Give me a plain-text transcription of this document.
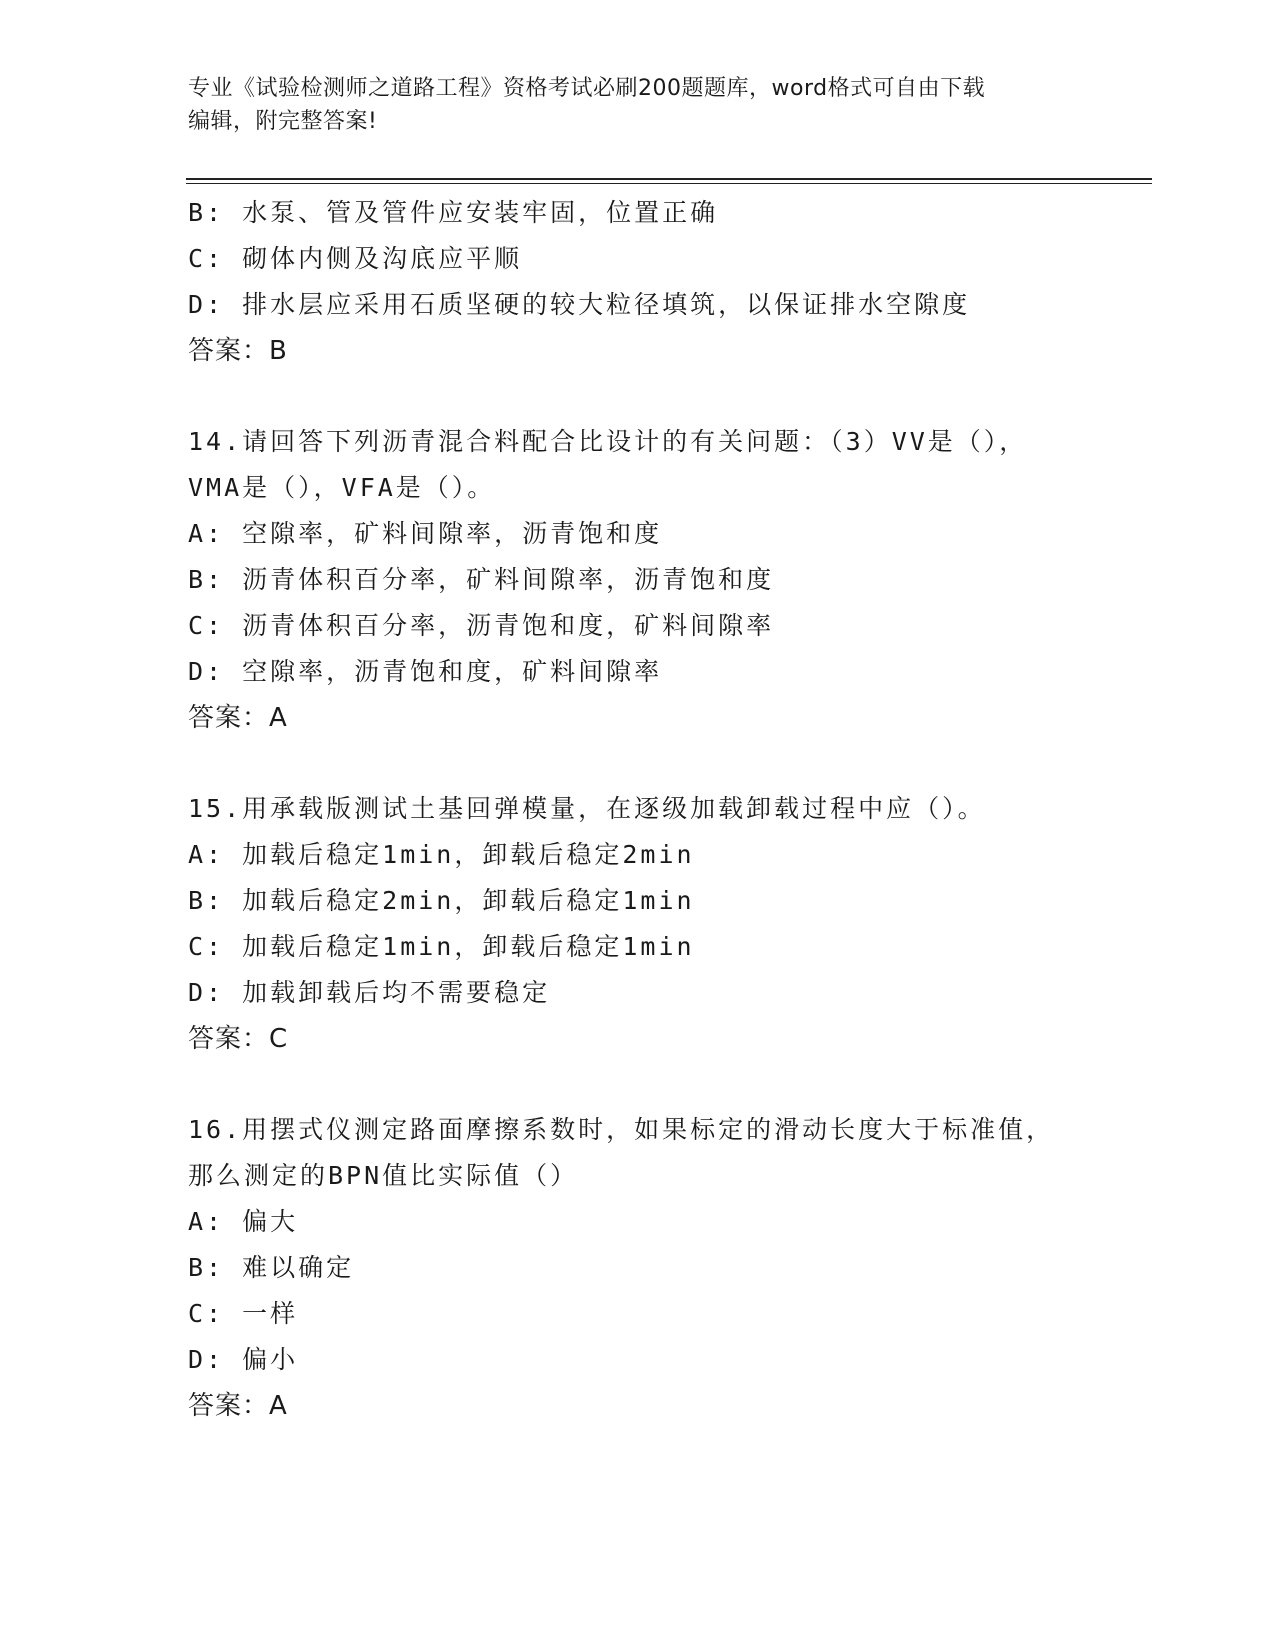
专业《试验检测师之道路工程》资格考试必刷200题题库，word格式可自由下载
编辑，附完整答案!
B: 水泵、管及管件应安装牢固，位置正确
C: 砌体内侧及沟底应平顺
D: 排水层应采用石质坚硬的较大粒径填筑，以保证排水空隙度
答案：B
14.请回答下列沥青混合料配合比设计的有关问题：（3）VV是（），
VMA是（），VFA是（）。
A: 空隙率，矿料间隙率，沥青饱和度
B: 沥青体积百分率，矿料间隙率，沥青饱和度
C: 沥青体积百分率，沥青饱和度，矿料间隙率
D: 空隙率，沥青饱和度，矿料间隙率
答案：A
15.用承载版测试土基回弹模量，在逐级加载卸载过程中应（）。
A: 加载后稳定1min，卸载后稳定2min
B: 加载后稳定2min，卸载后稳定1min
C: 加载后稳定1min，卸载后稳定1min
D: 加载卸载后均不需要稳定
答案：C
16.用摆式仪测定路面摩擦系数时，如果标定的滑动长度大于标准值，
那么测定的BPN值比实际值（）
A: 偏大
B: 难以确定
C: 一样
D: 偏小
答案：A
